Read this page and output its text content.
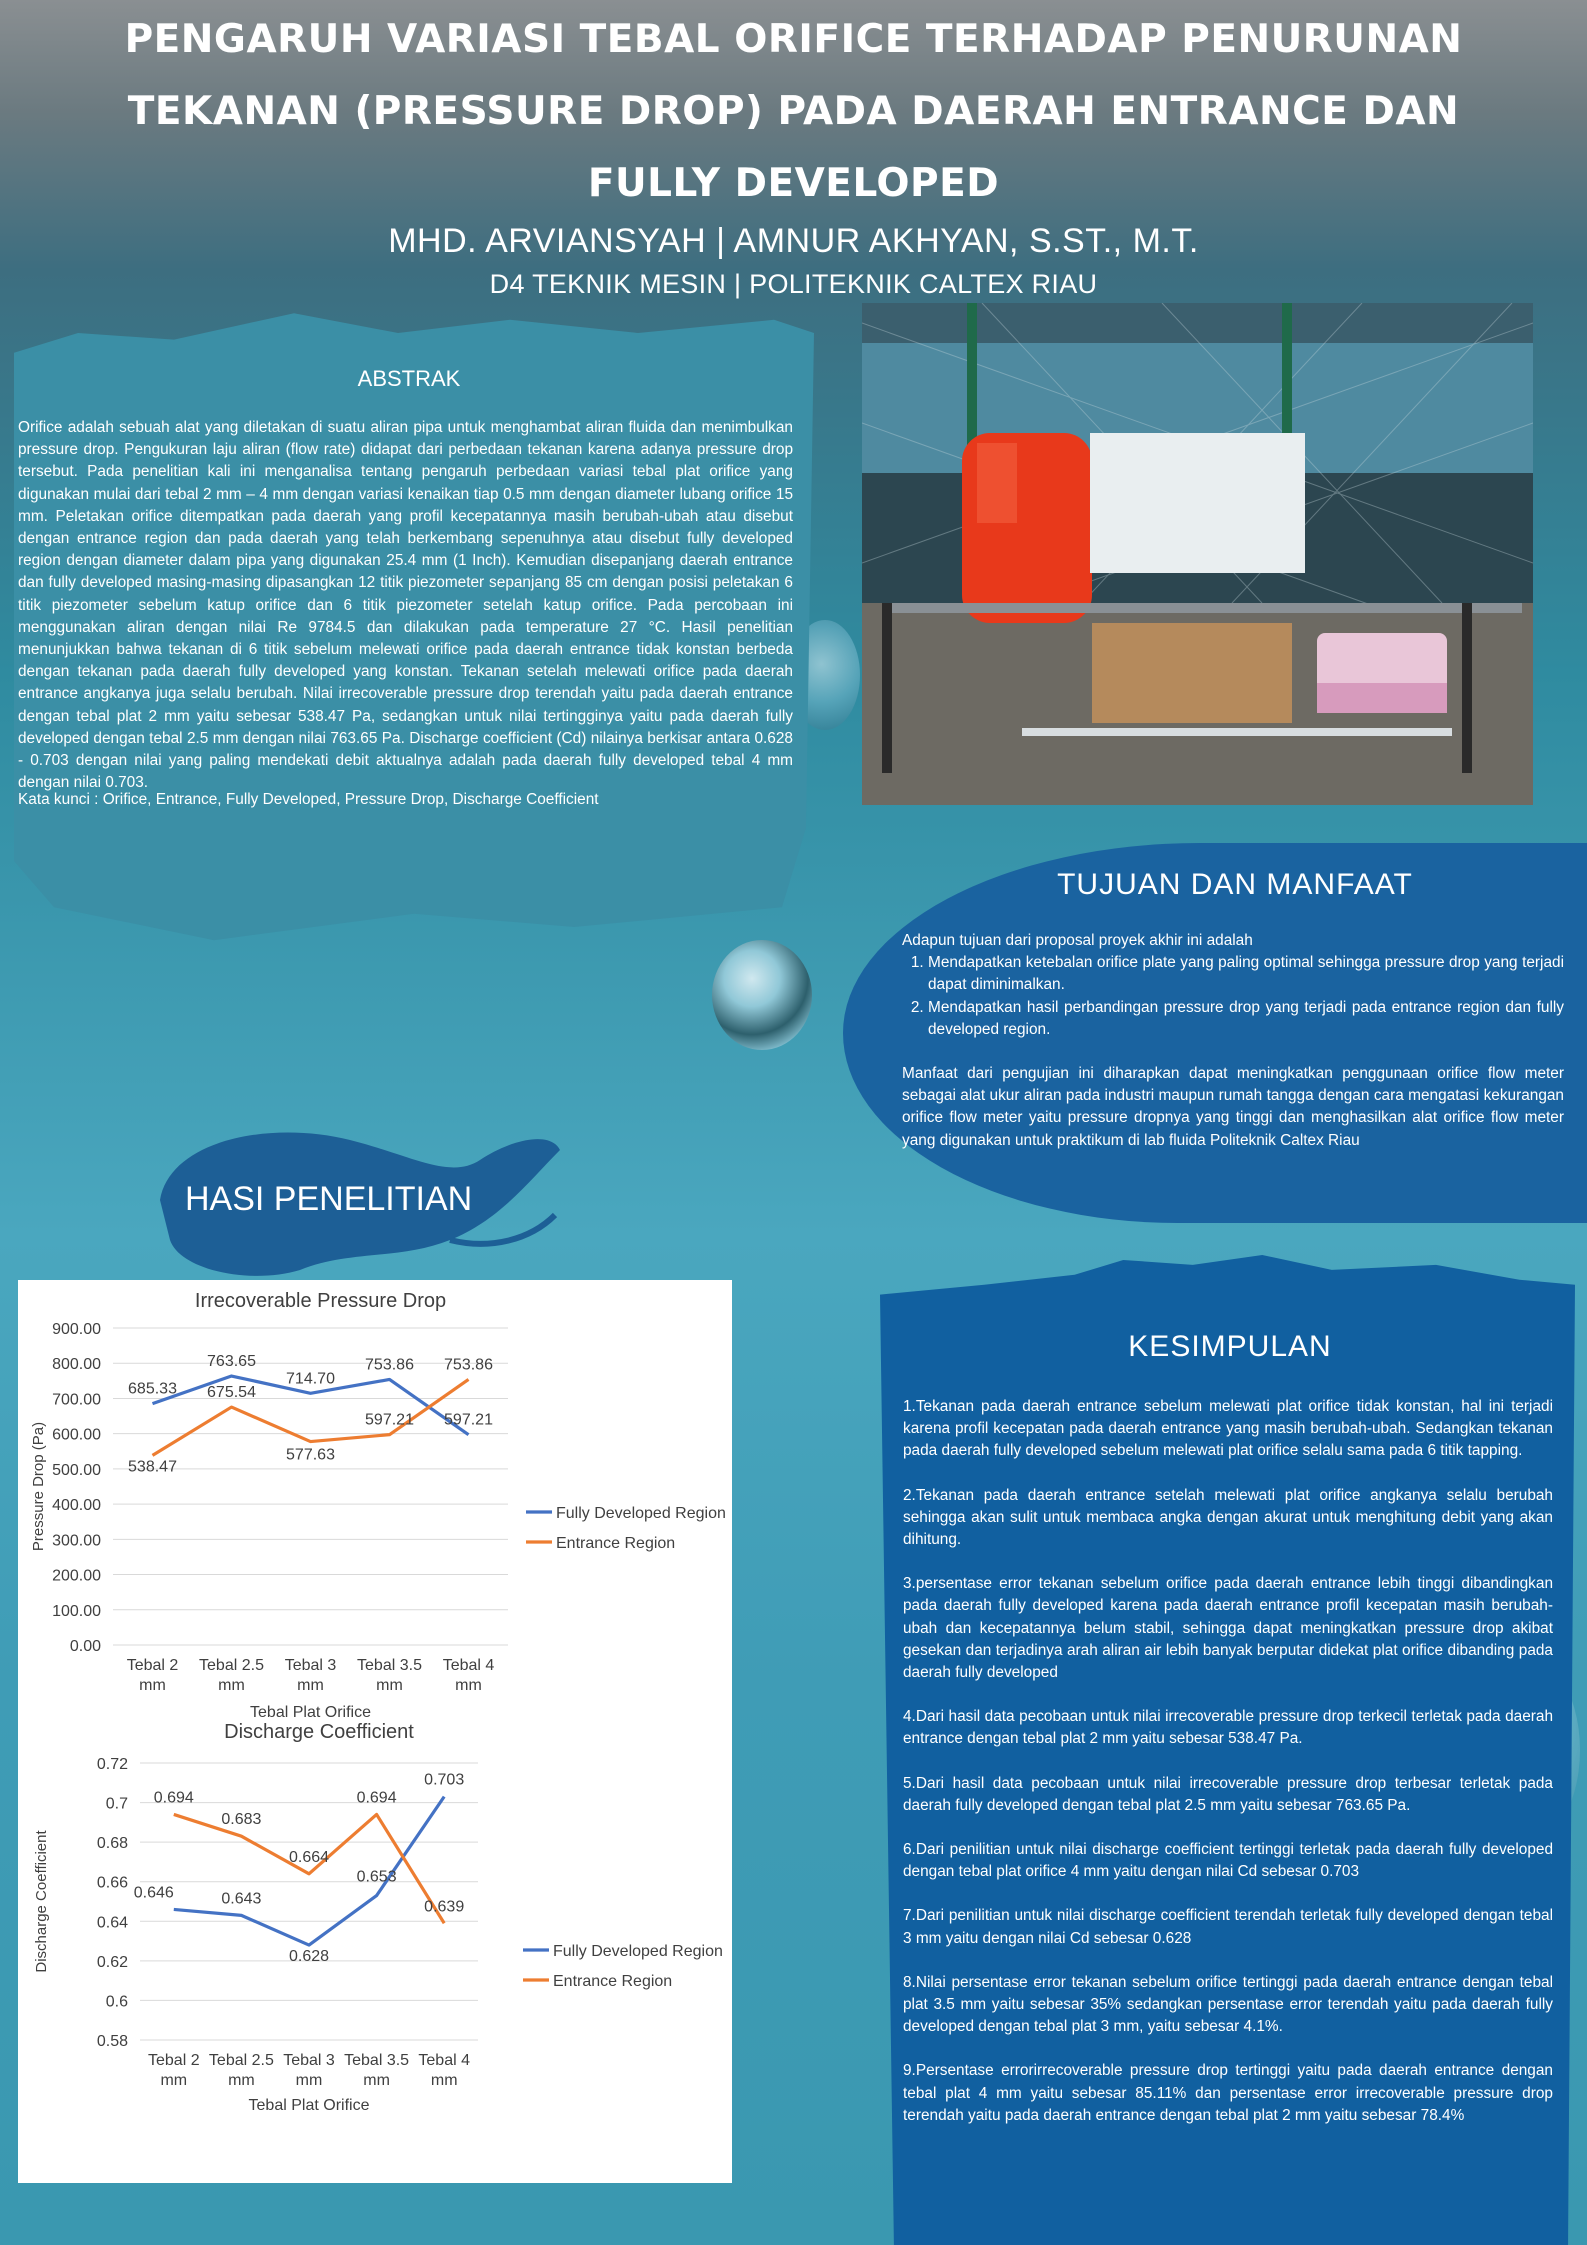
PENGARUH VARIASI TEBAL ORIFICE TERHADAP PENURUNAN
TEKANAN (PRESSURE DROP) PADA DAERAH ENTRANCE DAN
FULLY DEVELOPED
MHD. ARVIANSYAH | AMNUR AKHYAN, S.ST., M.T.
D4 TEKNIK MESIN | POLITEKNIK CALTEX RIAU
ABSTRAK

Orifice adalah sebuah alat yang diletakan di suatu aliran pipa untuk menghambat aliran fluida dan menimbulkan pressure drop. Pengukuran laju aliran (flow rate) didapat dari perbedaan tekanan karena adanya pressure drop tersebut. Pada penelitian kali ini menganalisa tentang pengaruh perbedaan variasi tebal plat orifice yang digunakan mulai dari tebal 2 mm – 4 mm dengan variasi kenaikan tiap 0.5 mm dengan diameter lubang orifice 15 mm. Peletakan orifice ditempatkan pada daerah yang profil kecepatannya masih berubah-ubah atau disebut dengan entrance region dan pada daerah yang telah berkembang sepenuhnya atau disebut fully developed region dengan diameter dalam pipa yang digunakan 25.4 mm (1 Inch). Kemudian disepanjang daerah entrance dan fully developed masing-masing dipasangkan 12 titik piezometer sepanjang 85 cm dengan posisi peletakan 6 titik piezometer sebelum katup orifice dan 6 titik piezometer setelah katup orifice. Pada percobaan ini menggunakan aliran dengan nilai Re 9784.5 dan dilakukan pada temperature 27 °C. Hasil penelitian menunjukkan bahwa tekanan di 6 titik sebelum melewati orifice pada daerah entrance tidak konstan berbeda dengan tekanan pada daerah fully developed yang konstan. Tekanan setelah melewati orifice pada daerah entrance angkanya juga selalu berubah. Nilai irrecoverable pressure drop terendah yaitu pada daerah entrance dengan tebal plat 2 mm yaitu sebesar 538.47 Pa, sedangkan untuk nilai tertingginya yaitu pada daerah fully developed dengan tebal 2.5 mm dengan nilai 763.65 Pa. Discharge coefficient (Cd) nilainya berkisar antara 0.628 - 0.703 dengan nilai yang paling mendekati debit aktualnya adalah pada daerah fully developed tebal 4 mm dengan nilai 0.703.

Kata kunci : Orifice, Entrance, Fully Developed, Pressure Drop, Discharge Coefficient
TUJUAN DAN MANFAAT

Adapun tujuan dari proposal proyek akhir ini adalah

1. Mendapatkan ketebalan orifice plate yang paling optimal sehingga pressure drop yang terjadi dapat diminimalkan.
2. Mendapatkan hasil perbandingan pressure drop yang terjadi pada entrance region dan fully developed region.

Manfaat dari pengujian ini diharapkan dapat meningkatkan penggunaan orifice flow meter sebagai alat ukur aliran pada industri maupun rumah tangga dengan cara mengatasi kekurangan orifice flow meter yaitu pressure dropnya yang tinggi dan menghasilkan alat orifice flow meter yang digunakan untuk praktikum di lab fluida Politeknik Caltex Riau

HASI PENELITIAN
Irrecoverable Pressure Drop
0.00
100.00
200.00
300.00
400.00
500.00
600.00
700.00
800.00
900.00
Tebal 2
mm
Tebal 2.5
mm
Tebal 3
mm
Tebal 3.5
mm
Tebal 4
mm
Tebal Plat Orifice
Pressure Drop (Pa)
685.33
763.65
714.70
753.86
597.21
538.47
675.54
577.63
597.21
753.86
Fully Developed Region
Entrance Region
Discharge Coefficient
0.58
0.6
0.62
0.64
0.66
0.68
0.7
0.72
Tebal 2
mm
Tebal 2.5
mm
Tebal 3
mm
Tebal 3.5
mm
Tebal 4
mm
Tebal Plat Orifice
Discharge Coefficient	0.646	0.643
0.628
0.653
0.703
0.694
0.683
0.664
0.694
0.639
Fully Developed Region
Entrance Region
KESIMPULAN

1.Tekanan pada daerah entrance sebelum melewati plat orifice tidak konstan, hal ini terjadi karena profil kecepatan pada daerah entrance yang masih berubah-ubah. Sedangkan tekanan pada daerah fully developed sebelum melewati plat orifice selalu sama pada 6 titik tapping.

2.Tekanan pada daerah entrance setelah melewati plat orifice angkanya selalu berubah sehingga akan sulit untuk membaca angka dengan akurat untuk menghitung debit yang akan dihitung.

3.persentase error tekanan sebelum orifice pada daerah entrance lebih tinggi dibandingkan pada daerah fully developed karena pada daerah entrance profil kecepatan masih berubah-ubah dan kecepatannya belum stabil, sehingga dapat meningkatkan pressure drop akibat gesekan dan terjadinya arah aliran air lebih banyak berputar didekat plat orifice dibanding pada daerah fully developed

4.Dari hasil data pecobaan untuk nilai irrecoverable pressure drop terkecil terletak pada daerah entrance dengan tebal plat 2 mm yaitu sebesar 538.47 Pa.

5.Dari hasil data pecobaan untuk nilai irrecoverable pressure drop terbesar terletak pada daerah fully developed dengan tebal plat 2.5 mm yaitu sebesar 763.65 Pa.

6.Dari penilitian untuk nilai discharge coefficient tertinggi terletak pada daerah fully developed dengan tebal plat orifice 4 mm yaitu dengan nilai Cd sebesar 0.703

7.Dari penilitian untuk nilai discharge coefficient terendah terletak fully developed dengan tebal 3 mm yaitu dengan nilai Cd sebesar 0.628

8.Nilai persentase error tekanan sebelum orifice tertinggi pada daerah entrance dengan tebal plat 3.5 mm yaitu sebesar 35% sedangkan persentase error terendah yaitu pada daerah fully developed dengan tebal plat 3 mm, yaitu sebesar 4.1%.

9.Persentase errorirrecoverable pressure drop tertinggi yaitu pada daerah entrance dengan tebal plat 4 mm yaitu sebesar 85.11% dan persentase error irrecoverable pressure drop terendah yaitu pada daerah entrance dengan tebal plat 2 mm yaitu sebesar 78.4%
